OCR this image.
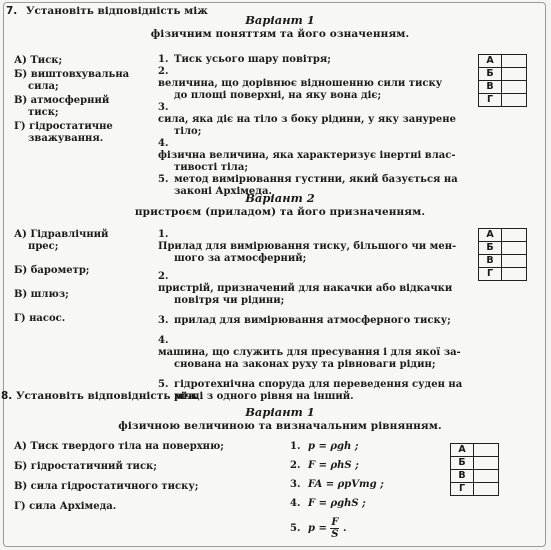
7. Установіть відповідність між
Варіант 1
фізичним поняттям та його означенням.
А) Тиск;
Б) виштовхувальна
сила;
В) атмосферний
тиск;
Г) гідростатичне
зважування.
1. Тиск усього шару повітря;
2.величина, що дорівнює відношенню сили тиску
до площі поверхні, на яку вона діє;
3.сила, яка діє на тіло з боку рідини, у яку занурене
тіло;
4.фізична величина, яка характеризує інертні влас-
тивості тіла;
5. метод вимірювання густини, який базується на
законі Архімеда.
А	
Б	
В	
Г	
Варіант 2
пристроєм (приладом) та його призначенням.
А) Гідравлічний
прес;
Б) барометр;
В) шлюз;
Г) насос.
1.Прилад для вимірювання тиску, більшого чи мен-
шого за атмосферний;
2.пристрій, призначений для накачки або відкачки
повітря чи рідини;
3. прилад для вимірювання атмосферного тиску;
4.машина, що служить для пресування і для якої за-
снована на законах руху та рівноваги рідин;
5. гідротехнічна споруда для переведення суден на
річці з одного рівня на інший.
А	
Б	
В	
Г	
8. Установіть відповідність між
Варіант 1
фізичною величиною та визначальним рівнянням.
А) Тиск твердого тіла на поверхню;
Б) гідростатичний тиск;
В) сила гідростатичного тиску;
Г) сила Архімеда.
1. p = ρgh ;
2. F = ρhS ;
3. FA = ρрVтg ;
4. F = ρghS ;
5. $p = \frac{F}{S}$ .
А	
Б	
В	
Г	
